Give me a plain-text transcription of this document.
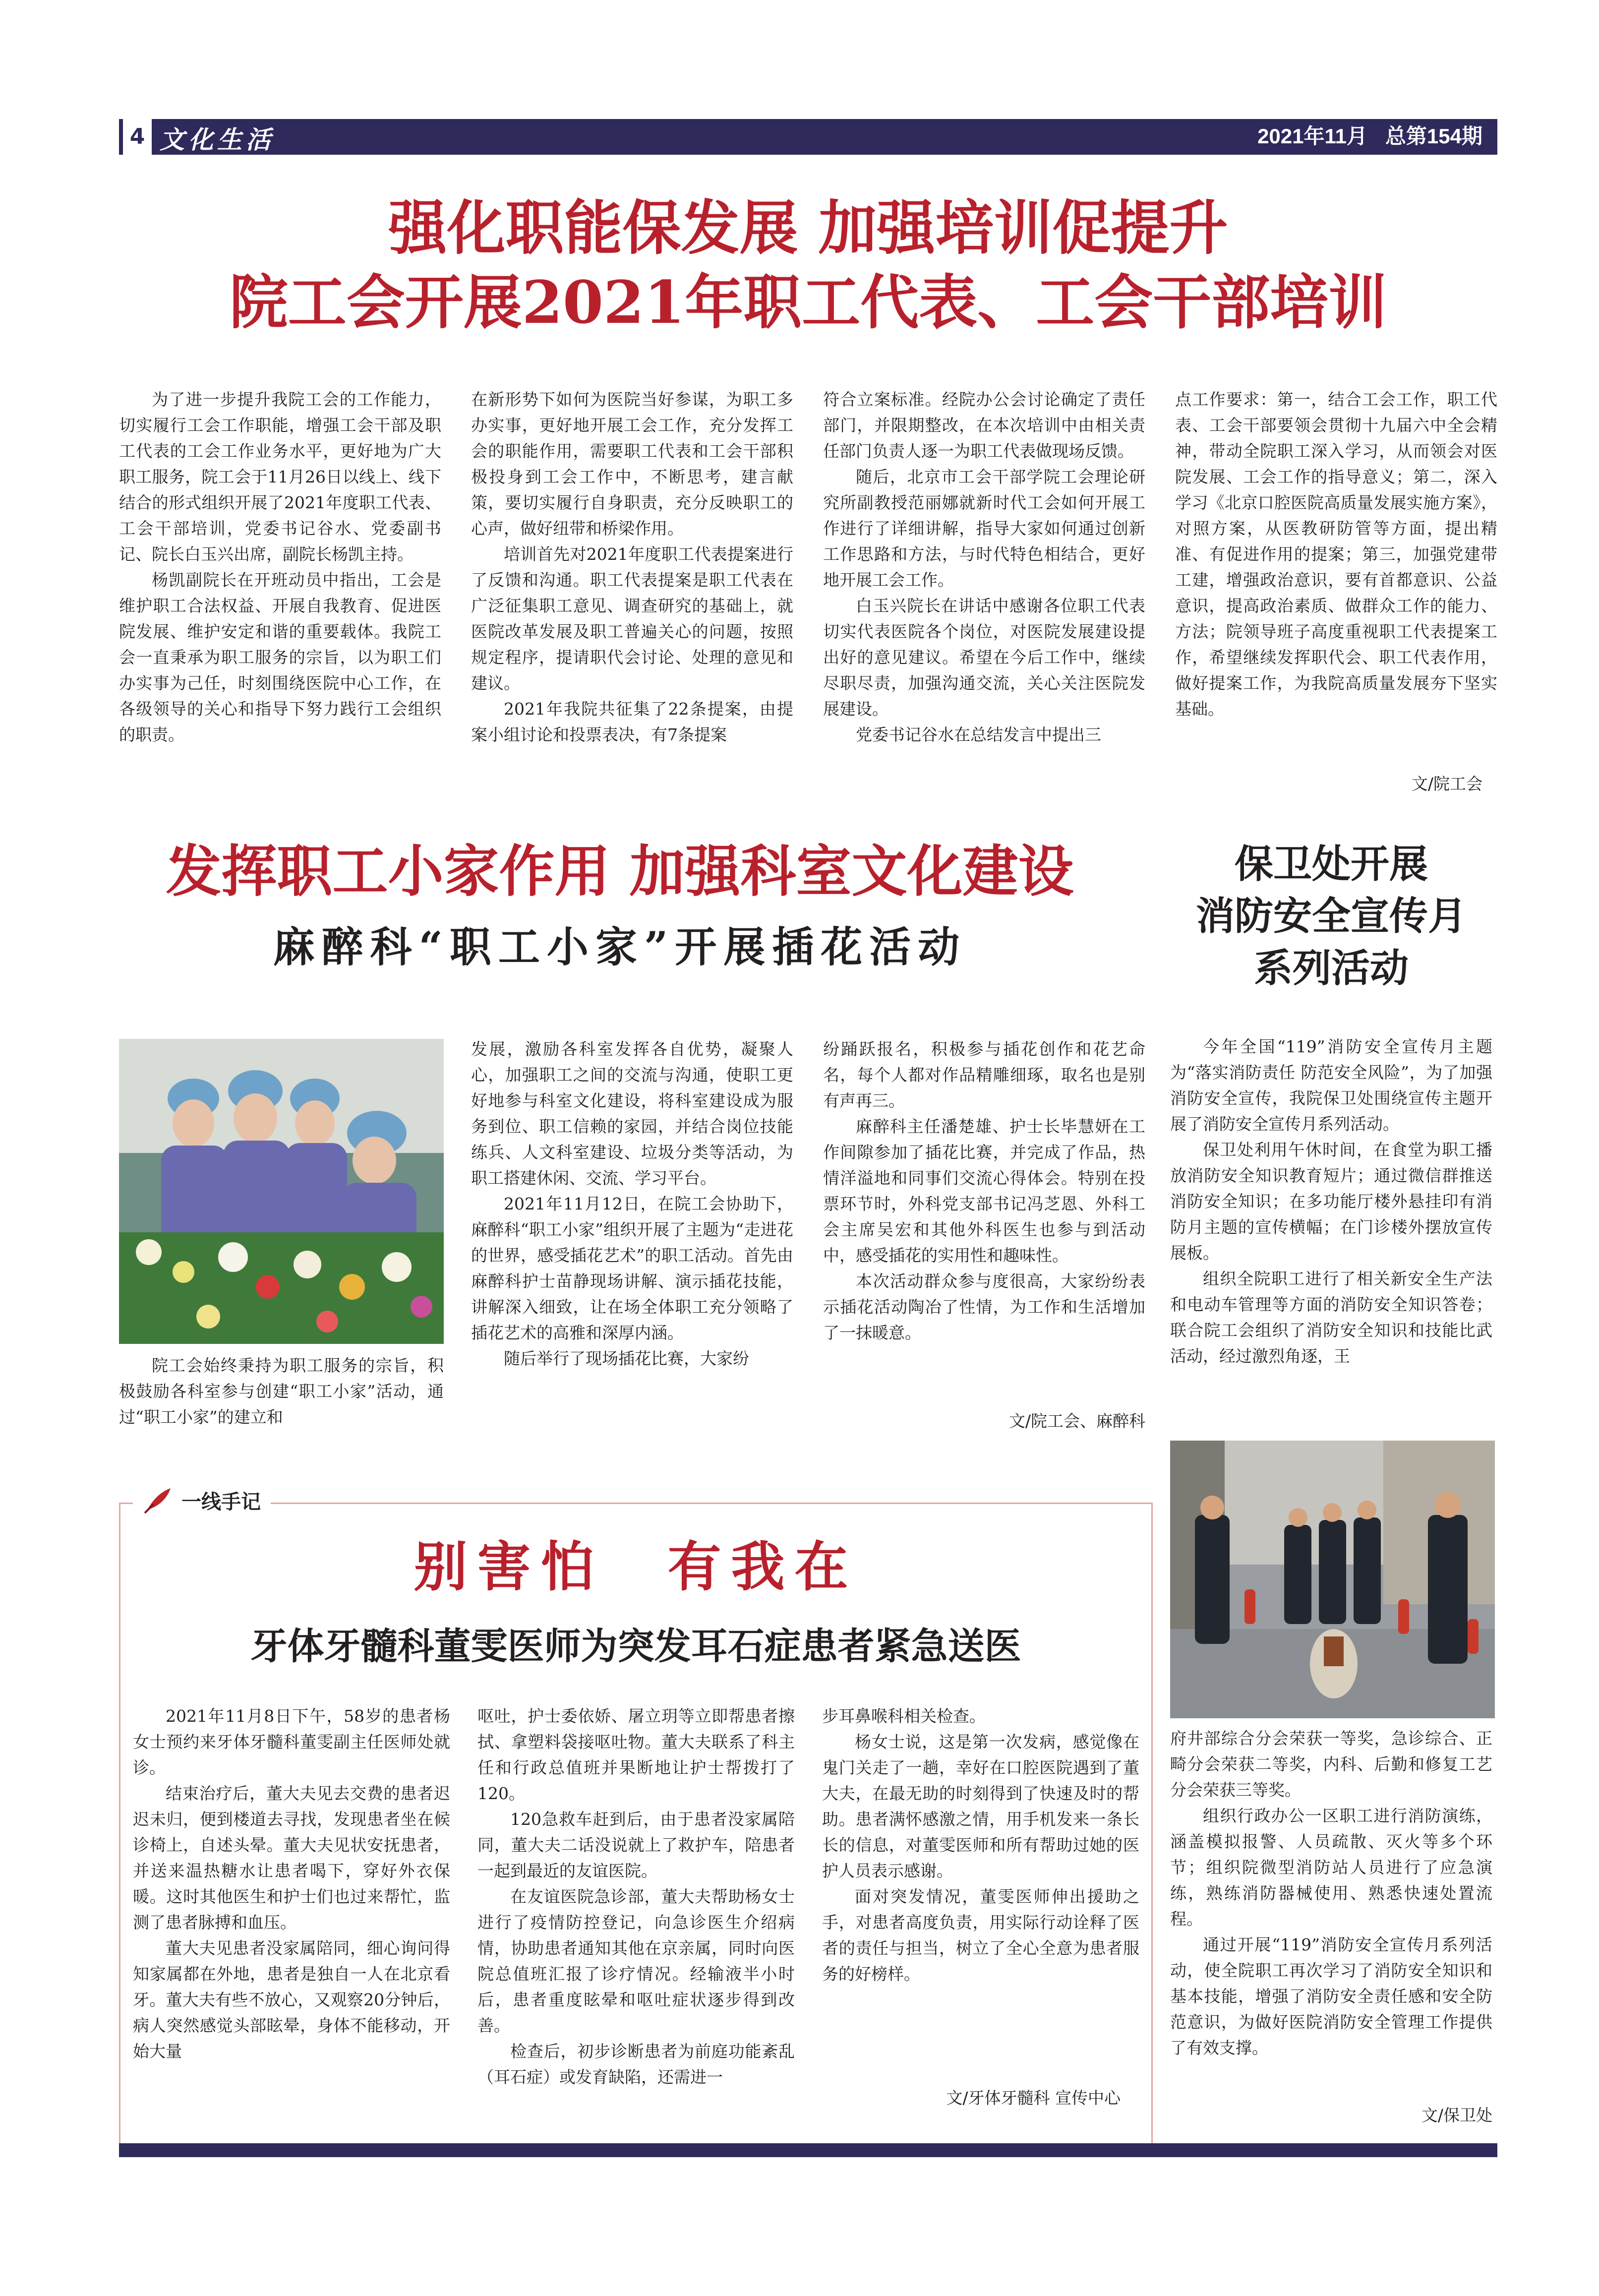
4 文化生活	2021年11月 总第154期
强化职能保发展 加强培训促提升
院工会开展2021年职工代表、工会干部培训

为了进一步提升我院工会的工作能力，切实履行工会工作职能，增强工会干部及职工代表的工会工作业务水平，更好地为广大职工服务，院工会于11月26日以线上、线下结合的形式组织开展了2021年度职工代表、工会干部培训，党委书记谷水、党委副书记、院长白玉兴出席，副院长杨凯主持。

杨凯副院长在开班动员中指出，工会是维护职工合法权益、开展自我教育、促进医院发展、维护安定和谐的重要载体。我院工会一直秉承为职工服务的宗旨，以为职工们办实事为己任，时刻围绕医院中心工作，在各级领导的关心和指导下努力践行工会组织的职责。

在新形势下如何为医院当好参谋，为职工多办实事，更好地开展工会工作，充分发挥工会的职能作用，需要职工代表和工会干部积极投身到工会工作中，不断思考，建言献策，要切实履行自身职责，充分反映职工的心声，做好纽带和桥梁作用。

培训首先对2021年度职工代表提案进行了反馈和沟通。职工代表提案是职工代表在广泛征集职工意见、调查研究的基础上，就医院改革发展及职工普遍关心的问题，按照规定程序，提请职代会讨论、处理的意见和建议。

2021年我院共征集了22条提案，由提案小组讨论和投票表决，有7条提案

符合立案标准。经院办公会讨论确定了责任部门，并限期整改，在本次培训中由相关责任部门负责人逐一为职工代表做现场反馈。

随后，北京市工会干部学院工会理论研究所副教授范丽娜就新时代工会如何开展工作进行了详细讲解，指导大家如何通过创新工作思路和方法，与时代特色相结合，更好地开展工会工作。

白玉兴院长在讲话中感谢各位职工代表切实代表医院各个岗位，对医院发展建设提出好的意见建议。希望在今后工作中，继续尽职尽责，加强沟通交流，关心关注医院发展建设。

党委书记谷水在总结发言中提出三

点工作要求：第一，结合工会工作，职工代表、工会干部要领会贯彻十九届六中全会精神，带动全院职工深入学习，从而领会对医院发展、工会工作的指导意义；第二，深入学习《北京口腔医院高质量发展实施方案》，对照方案，从医教研防管等方面，提出精准、有促进作用的提案；第三，加强党建带工建，增强政治意识，要有首都意识、公益意识，提高政治素质、做群众工作的能力、方法；院领导班子高度重视职工代表提案工作，希望继续发挥职代会、职工代表作用，做好提案工作，为我院高质量发展夯下坚实基础。

文/院工会
发挥职工小家作用 加强科室文化建设
麻醉科“职工小家”开展插花活动

院工会始终秉持为职工服务的宗旨，积极鼓励各科室参与创建“职工小家”活动，通过“职工小家”的建立和

发展，激励各科室发挥各自优势，凝聚人心，加强职工之间的交流与沟通，使职工更好地参与科室文化建设，将科室建设成为服务到位、职工信赖的家园，并结合岗位技能练兵、人文科室建设、垃圾分类等活动，为职工搭建休闲、交流、学习平台。

2021年11月12日，在院工会协助下，麻醉科“职工小家”组织开展了主题为“走进花的世界，感受插花艺术”的职工活动。首先由麻醉科护士苗静现场讲解、演示插花技能，讲解深入细致，让在场全体职工充分领略了插花艺术的高雅和深厚内涵。

随后举行了现场插花比赛，大家纷

纷踊跃报名，积极参与插花创作和花艺命名，每个人都对作品精雕细琢，取名也是别有声再三。

麻醉科主任潘楚雄、护士长毕慧妍在工作间隙参加了插花比赛，并完成了作品，热情洋溢地和同事们交流心得体会。特别在投票环节时，外科党支部书记冯芝恩、外科工会主席吴宏和其他外科医生也参与到活动中，感受插花的实用性和趣味性。

本次活动群众参与度很高，大家纷纷表示插花活动陶冶了性情，为工作和生活增加了一抹暖意。

文/院工会、麻醉科
保卫处开展
消防安全宣传月
系列活动

今年全国“119”消防安全宣传月主题为“落实消防责任 防范安全风险”，为了加强消防安全宣传，我院保卫处围绕宣传主题开展了消防安全宣传月系列活动。

保卫处利用午休时间，在食堂为职工播放消防安全知识教育短片；通过微信群推送消防安全知识；在多功能厅楼外悬挂印有消防月主题的宣传横幅；在门诊楼外摆放宣传展板。

组织全院职工进行了相关新安全生产法和电动车管理等方面的消防安全知识答卷；联合院工会组织了消防安全知识和技能比武活动，经过激烈角逐，王

府井部综合分会荣获一等奖，急诊综合、正畸分会荣获二等奖，内科、后勤和修复工艺分会荣获三等奖。

组织行政办公一区职工进行消防演练，涵盖模拟报警、人员疏散、灭火等多个环节；组织院微型消防站人员进行了应急演练，熟练消防器械使用、熟悉快速处置流程。

通过开展“119”消防安全宣传月系列活动，使全院职工再次学习了消防安全知识和基本技能，增强了消防安全责任感和安全防范意识，为做好医院消防安全管理工作提供了有效支撑。

文/保卫处
一线手记
别害怕　有我在
牙体牙髓科董雯医师为突发耳石症患者紧急送医

2021年11月8日下午，58岁的患者杨女士预约来牙体牙髓科董雯副主任医师处就诊。

结束治疗后，董大夫见去交费的患者迟迟未归，便到楼道去寻找，发现患者坐在候诊椅上，自述头晕。董大夫见状安抚患者，并送来温热糖水让患者喝下，穿好外衣保暖。这时其他医生和护士们也过来帮忙，监测了患者脉搏和血压。

董大夫见患者没家属陪同，细心询问得知家属都在外地，患者是独自一人在北京看牙。董大夫有些不放心，又观察20分钟后，病人突然感觉头部眩晕，身体不能移动，开始大量

呕吐，护士委依娇、屠立玥等立即帮患者擦拭、拿塑料袋接呕吐物。董大夫联系了科主任和行政总值班并果断地让护士帮拨打了120。

120急救车赶到后，由于患者没家属陪同，董大夫二话没说就上了救护车，陪患者一起到最近的友谊医院。

在友谊医院急诊部，董大夫帮助杨女士进行了疫情防控登记，向急诊医生介绍病情，协助患者通知其他在京亲属，同时向医院总值班汇报了诊疗情况。经输液半小时后，患者重度眩晕和呕吐症状逐步得到改善。

检查后，初步诊断患者为前庭功能紊乱（耳石症）或发育缺陷，还需进一

步耳鼻喉科相关检查。

杨女士说，这是第一次发病，感觉像在鬼门关走了一趟，幸好在口腔医院遇到了董大夫，在最无助的时刻得到了快速及时的帮助。患者满怀感激之情，用手机发来一条长长的信息，对董雯医师和所有帮助过她的医护人员表示感谢。

面对突发情况，董雯医师伸出援助之手，对患者高度负责，用实际行动诠释了医者的责任与担当，树立了全心全意为患者服务的好榜样。

文/牙体牙髓科 宣传中心
